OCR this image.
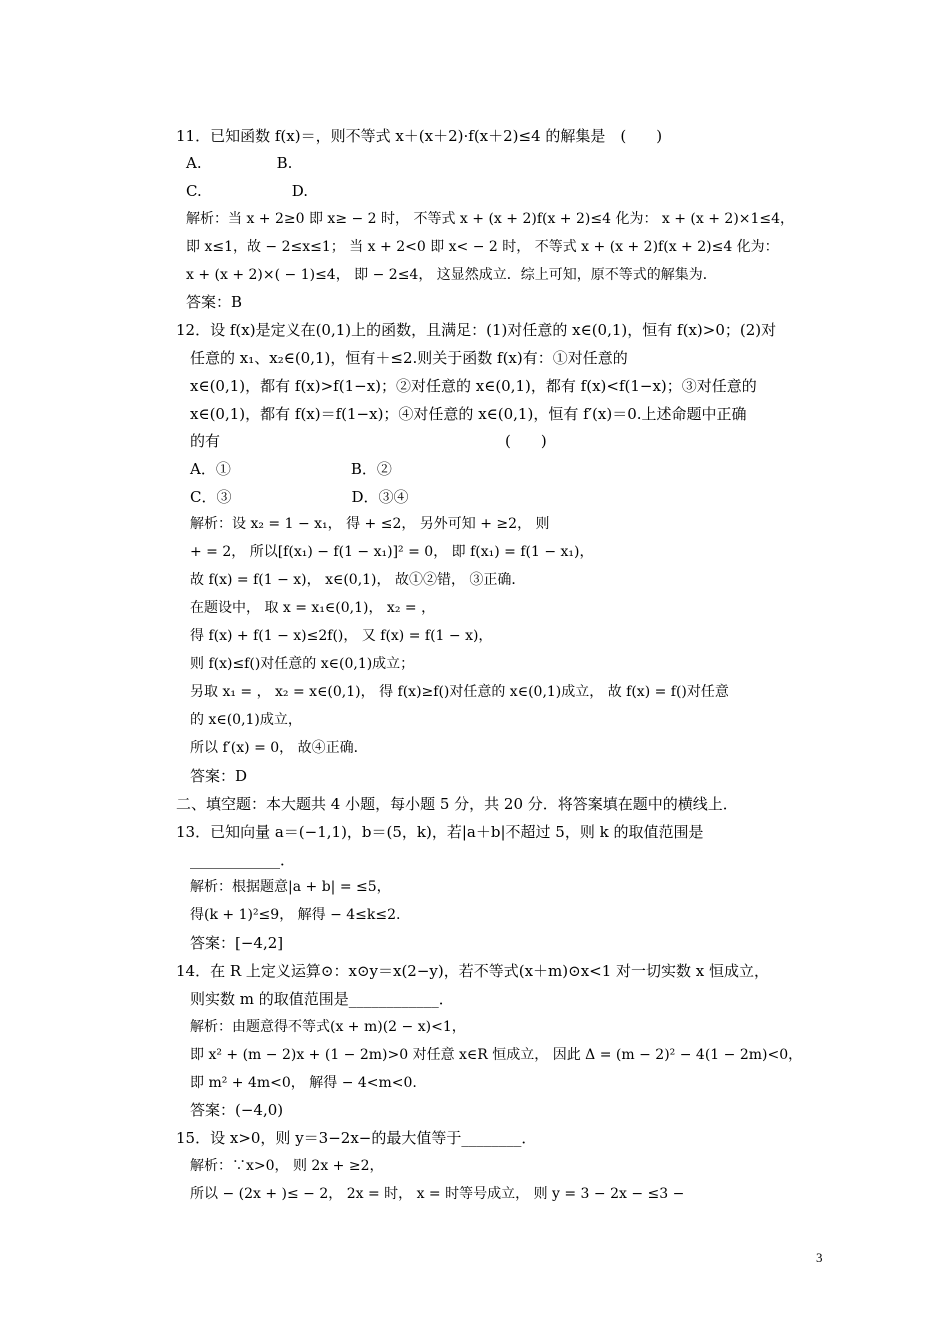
11．已知函数 f(x)＝，则不等式 x＋(x＋2)·f(x＋2)≤4 的解集是　(　　)
A.　　　　　B.
C.　　　　　　D.
解析：当 x + 2≥0 即 x≥ − 2 时， 不等式 x + (x + 2)f(x + 2)≤4 化为： x + (x + 2)×1≤4，
即 x≤1，故 − 2≤x≤1； 当 x + 2<0 即 x< − 2 时， 不等式 x + (x + 2)f(x + 2)≤4 化为：
x + (x + 2)×( − 1)≤4， 即 − 2≤4， 这显然成立．综上可知，原不等式的解集为．
答案：B
12．设 f(x)是定义在(0,1)上的函数，且满足：(1)对任意的 x∈(0,1)，恒有 f(x)>0；(2)对
任意的 x₁、x₂∈(0,1)，恒有＋≤2.则关于函数 f(x)有：①对任意的
x∈(0,1)，都有 f(x)>f(1−x)；②对任意的 x∈(0,1)，都有 f(x)<f(1−x)；③对任意的
x∈(0,1)，都有 f(x)＝f(1−x)；④对任意的 x∈(0,1)，恒有 f′(x)＝0.上述命题中正确
的有　　　　　　　　　　　　　　　　　　　(　　)
A．①　　　　　　　　B．②
C．③　　　　　　　　D．③④
解析：设 x₂ = 1 − x₁， 得 + ≤2， 另外可知 + ≥2， 则
+ = 2， 所以[f(x₁) − f(1 − x₁)]² = 0， 即 f(x₁) = f(1 − x₁)，
故 f(x) = f(1 − x)， x∈(0,1)， 故①②错， ③正确．
在题设中， 取 x = x₁∈(0,1)， x₂ = ，
得 f(x) + f(1 − x)≤2f()， 又 f(x) = f(1 − x)，
则 f(x)≤f()对任意的 x∈(0,1)成立；
另取 x₁ = ， x₂ = x∈(0,1)， 得 f(x)≥f()对任意的 x∈(0,1)成立， 故 f(x) = f()对任意
的 x∈(0,1)成立，
所以 f′(x) = 0， 故④正确．
答案：D
二、填空题：本大题共 4 小题，每小题 5 分，共 20 分．将答案填在题中的横线上．
13．已知向量 a＝(−1,1)，b＝(5，k)，若|a＋b|不超过 5，则 k 的取值范围是
____________．
解析：根据题意|a + b| = ≤5，
得(k + 1)²≤9， 解得 − 4≤k≤2.
答案：[−4,2]
14．在 R 上定义运算⊙：x⊙y＝x(2−y)，若不等式(x＋m)⊙x<1 对一切实数 x 恒成立，
则实数 m 的取值范围是____________．
解析：由题意得不等式(x + m)(2 − x)<1，
即 x² + (m − 2)x + (1 − 2m)>0 对任意 x∈R 恒成立， 因此 Δ = (m − 2)² − 4(1 − 2m)<0，
即 m² + 4m<0， 解得 − 4<m<0.
答案：(−4,0)
15．设 x>0，则 y＝3−2x−的最大值等于________．
解析：∵x>0， 则 2x + ≥2，
所以 − (2x + )≤ − 2， 2x = 时， x = 时等号成立， 则 y = 3 − 2x − ≤3 −
3
